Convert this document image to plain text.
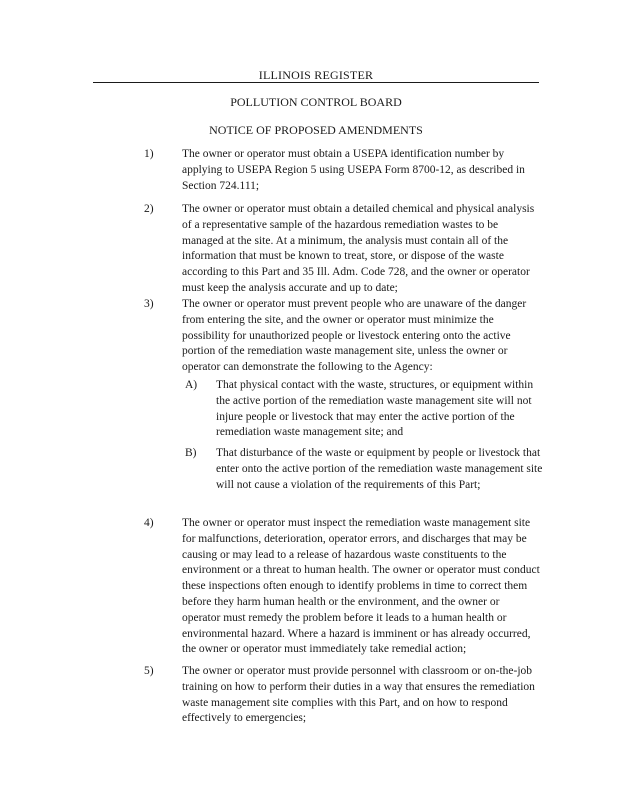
ILLINOIS REGISTER
POLLUTION CONTROL BOARD
NOTICE OF PROPOSED AMENDMENTS
1)	The owner or operator must obtain a USEPA identification number by applying to USEPA Region 5 using USEPA Form 8700-12, as described in Section 724.111;
2)	The owner or operator must obtain a detailed chemical and physical analysis of a representative sample of the hazardous remediation wastes to be managed at the site. At a minimum, the analysis must contain all of the information that must be known to treat, store, or dispose of the waste according to this Part and 35 Ill. Adm. Code 728, and the owner or operator must keep the analysis accurate and up to date;
3)	The owner or operator must prevent people who are unaware of the danger from entering the site, and the owner or operator must minimize the possibility for unauthorized people or livestock entering onto the active portion of the remediation waste management site, unless the owner or operator can demonstrate the following to the Agency:
A)	That physical contact with the waste, structures, or equipment within the active portion of the remediation waste management site will not injure people or livestock that may enter the active portion of the remediation waste management site; and
B)	That disturbance of the waste or equipment by people or livestock that enter onto the active portion of the remediation waste management site will not cause a violation of the requirements of this Part;
4)	The owner or operator must inspect the remediation waste management site for malfunctions, deterioration, operator errors, and discharges that may be causing or may lead to a release of hazardous waste constituents to the environment or a threat to human health. The owner or operator must conduct these inspections often enough to identify problems in time to correct them before they harm human health or the environment, and the owner or operator must remedy the problem before it leads to a human health or environmental hazard. Where a hazard is imminent or has already occurred, the owner or operator must immediately take remedial action;
5)	The owner or operator must provide personnel with classroom or on-the-job training on how to perform their duties in a way that ensures the remediation waste management site complies with this Part, and on how to respond effectively to emergencies;
